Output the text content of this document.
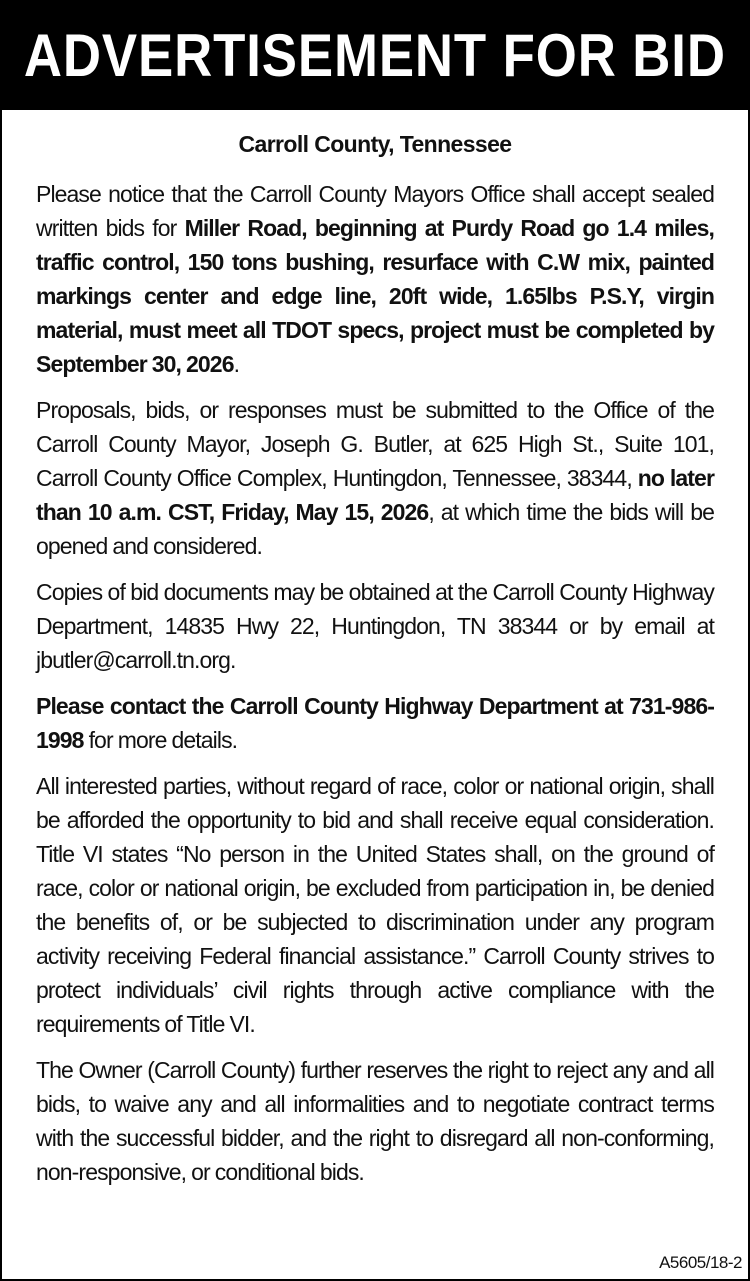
ADVERTISEMENT FOR BID
Carroll County, Tennessee

Please notice that the Carroll County Mayors Office shall accept sealed written bids for Miller Road, beginning at Purdy Road go 1.4 miles, traffic control, 150 tons bushing, resurface with C.W mix, painted markings center and edge line, 20ft wide, 1.65lbs P.S.Y, virgin material, must meet all TDOT specs, project must be completed by September 30, 2026.

Proposals, bids, or responses must be submitted to the Office of the Carroll County Mayor, Joseph G. Butler, at 625 High St., Suite 101, Carroll County Office Complex, Huntingdon, Tennessee, 38344, no later than 10 a.m. CST, Friday, May 15, 2026, at which time the bids will be opened and considered.

Copies of bid documents may be obtained at the Carroll County Highway Department, 14835 Hwy 22, Huntingdon, TN 38344 or by email at jbutler@carroll.tn.org.

Please contact the Carroll County Highway Department at 731-986-1998 for more details.

All interested parties, without regard of race, color or national origin, shall be afforded the opportunity to bid and shall receive equal consideration. Title VI states “No person in the United States shall, on the ground of race, color or national origin, be excluded from participation in, be denied the benefits of, or be subjected to discrimination under any program activity receiving Federal financial assistance.” Carroll County strives to protect individuals’ civil rights through active compliance with the requirements of Title VI.

The Owner (Carroll County) further reserves the right to reject any and all bids, to waive any and all informalities and to negotiate contract terms with the successful bidder, and the right to disregard all non-conforming, non-responsive, or conditional bids.

A5605/18-2
